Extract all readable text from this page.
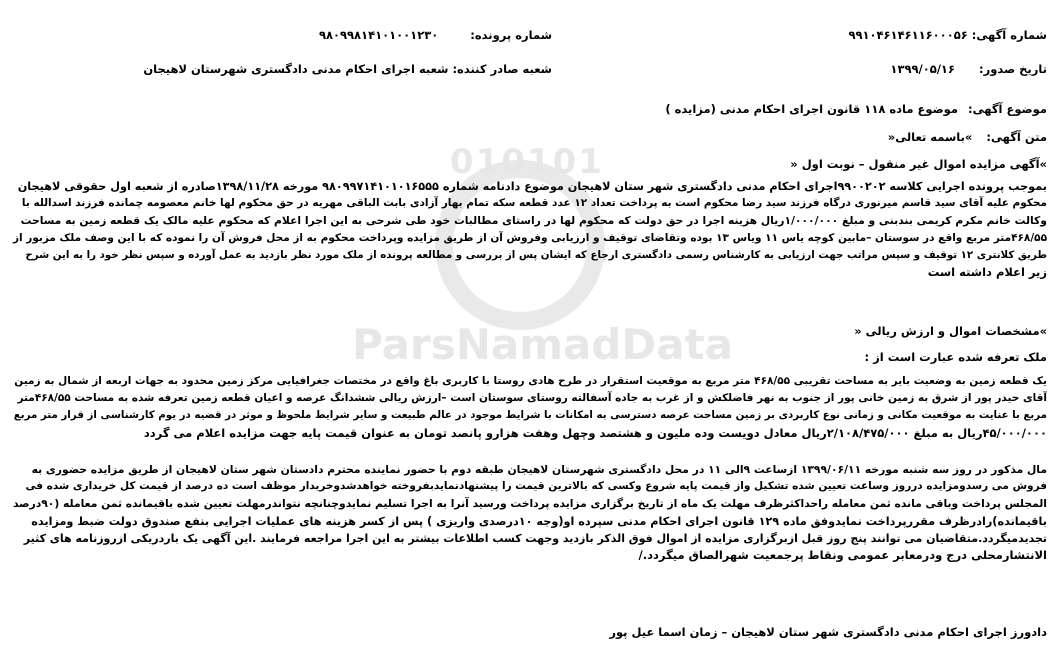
010101
ParsNamadData
شماره آگهی: ۹۹۱۰۴۶۱۴۶۱۱۶۰۰۰۵۶
شماره پرونده: ۹۸۰۹۹۸۱۴۱۰۱۰۰۱۲۳۰
تاریخ صدور: ۱۳۹۹/۰۵/۱۶
شعبه صادر کننده: شعبه اجرای احکام مدنی دادگستری شهرستان لاهیجان
موضوع آگهی: موضوع ماده ۱۱۸ قانون اجرای احکام مدنی (مزایده )
متن آگهی: »باسمه تعالی«
»آگهی مزایده اموال غیر منقول – نوبت اول «
بموجب پرونده اجرایی کلاسه ۹۹۰۰۲۰۲اجرای احکام مدنی دادگستری شهر ستان لاهیجان موضوع دادنامه شماره ۹۸۰۹۹۷۱۴۱۰۱۰۱۶۵۵۵ مورخه ۱۳۹۸/۱۱/۲۸صادره از شعبه اول حقوقی لاهیجان
محکوم علیه آقای سید قاسم میرنوری درگاه فرزند سید رضا محکوم است به پرداخت تعداد ۱۲ عدد قطعه سکه تمام بهار آزادی بابت الباقی مهریه در حق محکوم لها خانم معصومه چمانده فرزند اسدالله با
وکالت خانم مکرم کریمی بندبنی و مبلغ ۱/۰۰۰/۰۰۰ریال هزینه اجرا در حق دولت که محکوم لها در راستای مطالبات خود طی شرحی به این اجرا اعلام که محکوم علیه مالک یک قطعه زمین به مساحت
۴۶۸/۵۵متر مربع واقع در سوستان –مابین کوچه یاس ۱۱ ویاس ۱۳ بوده وتقاضای توقیف و ارزیابی وفروش آن از طریق مزایده وپرداخت محکوم به از محل فروش آن را نموده که با این وصف ملک مزبور از
طریق کلانتری ۱۲ توقیف و سپس مراتب جهت ارزیابی به کارشناس رسمی دادگستری ارجاع که ایشان پس از بررسی و مطالعه پرونده از ملک مورد نظر بازدید به عمل آورده و سپس نظر خود را به این شرح
زیر اعلام داشته است
»مشخصات اموال و ارزش ریالی «
ملک تعرفه شده عبارت است از :
یک قطعه زمین به وضعیت بایر به مساحت تقریبی ۴۶۸/۵۵ متر مربع به موقعیت استقرار در طرح هادی روستا با کاربری باغ واقع در مختصات جغرافیایی مرکز زمین محدود به جهات اربعه از شمال به زمین
آقای حیدر پور از شرق به زمین خانی پور از جنوب به نهر فاضلکش و از غرب به جاده آسفالته روستای سوستان است –ارزش ریالی ششدانگ عرصه و اعیان قطعه زمین تعرفه شده به مساحت ۴۶۸/۵۵متر
مربع با عنایت به موقعیت مکانی و زمانی نوع کاربردی بر زمین مساحت عرصه دسترسی به امکانات با شرایط موجود در عالم طبیعت و سایر شرایط ملحوظ و موثر در قضیه در یوم کارشناسی از قرار متر مربع
۴۵/۰۰۰/۰۰۰ریال به مبلغ ۲/۱۰۸/۴۷۵/۰۰۰ریال معادل دویست وده ملیون و هشتصد وچهل وهفت هزارو پانصد تومان به عنوان قیمت پایه جهت مزایده اعلام می گردد
مال مذکور در روز سه شنبه مورخه ۱۳۹۹/۰۶/۱۱ ازساعت ۹الی ۱۱ در محل دادگستری شهرستان لاهیجان طبقه دوم با حضور نماینده محترم دادستان شهر ستان لاهیجان از طریق مزایده حضوری به
فروش می رسدومزایده درروز وساعت تعیین شده تشکیل واز قیمت پایه شروع وکسی که بالاترین قیمت را پیشنهادنمایدبفروخته خواهدشدوخریدار موظف است ده درصد از قیمت کل خریداری شده فی
المجلس پرداخت وباقی مانده ثمن معامله راحداکثرظرف مهلت یک ماه از تاریخ برگزاری مزایده پرداخت ورسید آنرا به اجرا تسلیم نمایدوچنانچه نتواندرمهلت تعیین شده باقیمانده ثمن معامله (۹۰درصد
باقیمانده)رادرظرف مقررپرداخت نمایدوفق ماده ۱۲۹ قانون اجرای احکام مدنی سپرده او(وجه ۱۰درصدی واریزی ) پس از کسر هزینه های عملیات اجرایی بنفع صندوق دولت ضبط ومزایده
تجدیدمیگردد.متقاضیان می توانند پنج روز قبل ازبرگزاری مزایده از اموال فوق الذکر بازدید وجهت کسب اطلاعات بیشتر به این اجرا مراجعه فرمایند .این آگهی یک باردریکی ازروزنامه های کثیر
الانتشارمحلی درج ودرمعابر عمومی ونقاط پرجمعیت شهرالصاق میگردد./
دادورز اجرای احکام مدنی دادگستری شهر ستان لاهیجان – زمان اسما عیل پور
